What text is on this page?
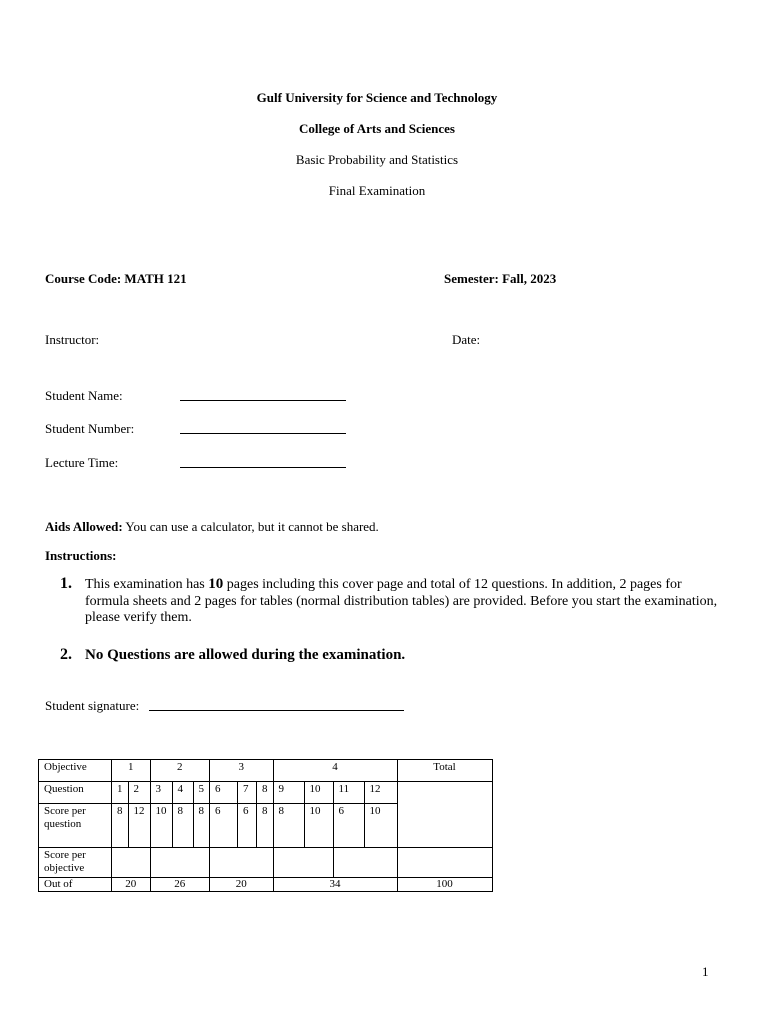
Gulf University for Science and Technology
College of Arts and Sciences
Basic Probability and Statistics
Final Examination
Course Code: MATH 121	Semester: Fall, 2023
Instructor:	Date:
Student Name:
Student Number:
Lecture Time:
Aids Allowed: You can use a calculator, but it cannot be shared.
Instructions:
1. This examination has 10 pages including this cover page and total of 12 questions. In addition, 2 pages for formula sheets and 2 pages for tables (normal distribution tables) are provided. Before you start the examination, please verify them.
2. No Questions are allowed during the examination.
Student signature:
Objective	1		2			3			4				Total
Question	1	2	3	4	5	6	7	8	9	10	11	12	
Score per question	8	12	10	8	8	6	6	8	8	10	6	10	
Score per objective													
Out of	20		26			20			34				100
1
